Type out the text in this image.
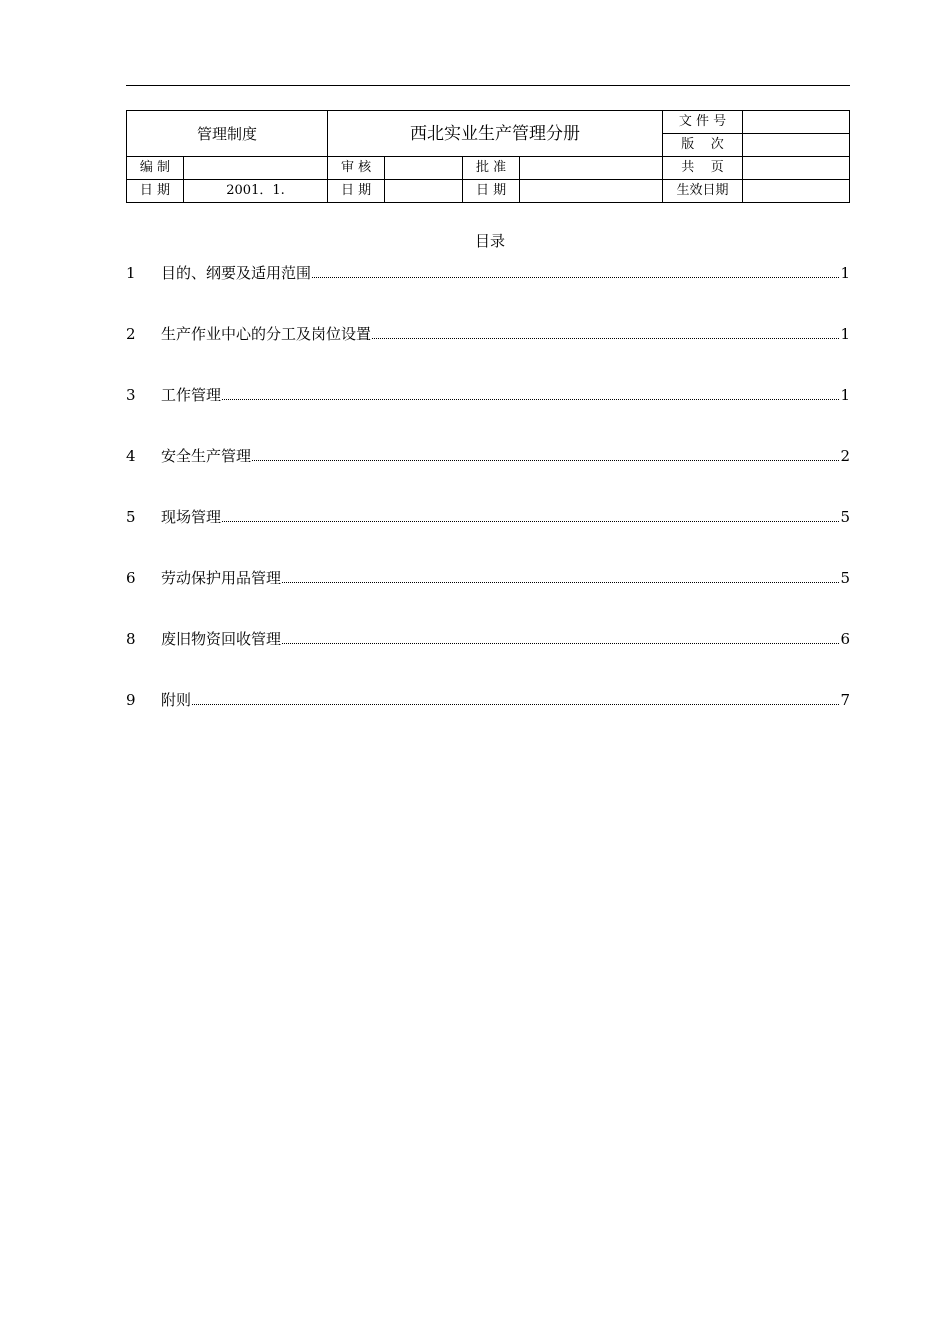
管理制度		西北实业生产管理分册				文 件 号	
						版    次	
编 制		审 核		批 准		共    页	
日 期	2001．1.	日 期		日 期		生效日期	
目录
1 目的、纲要及适用范围	1
2 生产作业中心的分工及岗位设置	1
3 工作管理	1
4 安全生产管理	2
5 现场管理	5
6 劳动保护用品管理	5
8 废旧物资回收管理	6
9 附则	7
